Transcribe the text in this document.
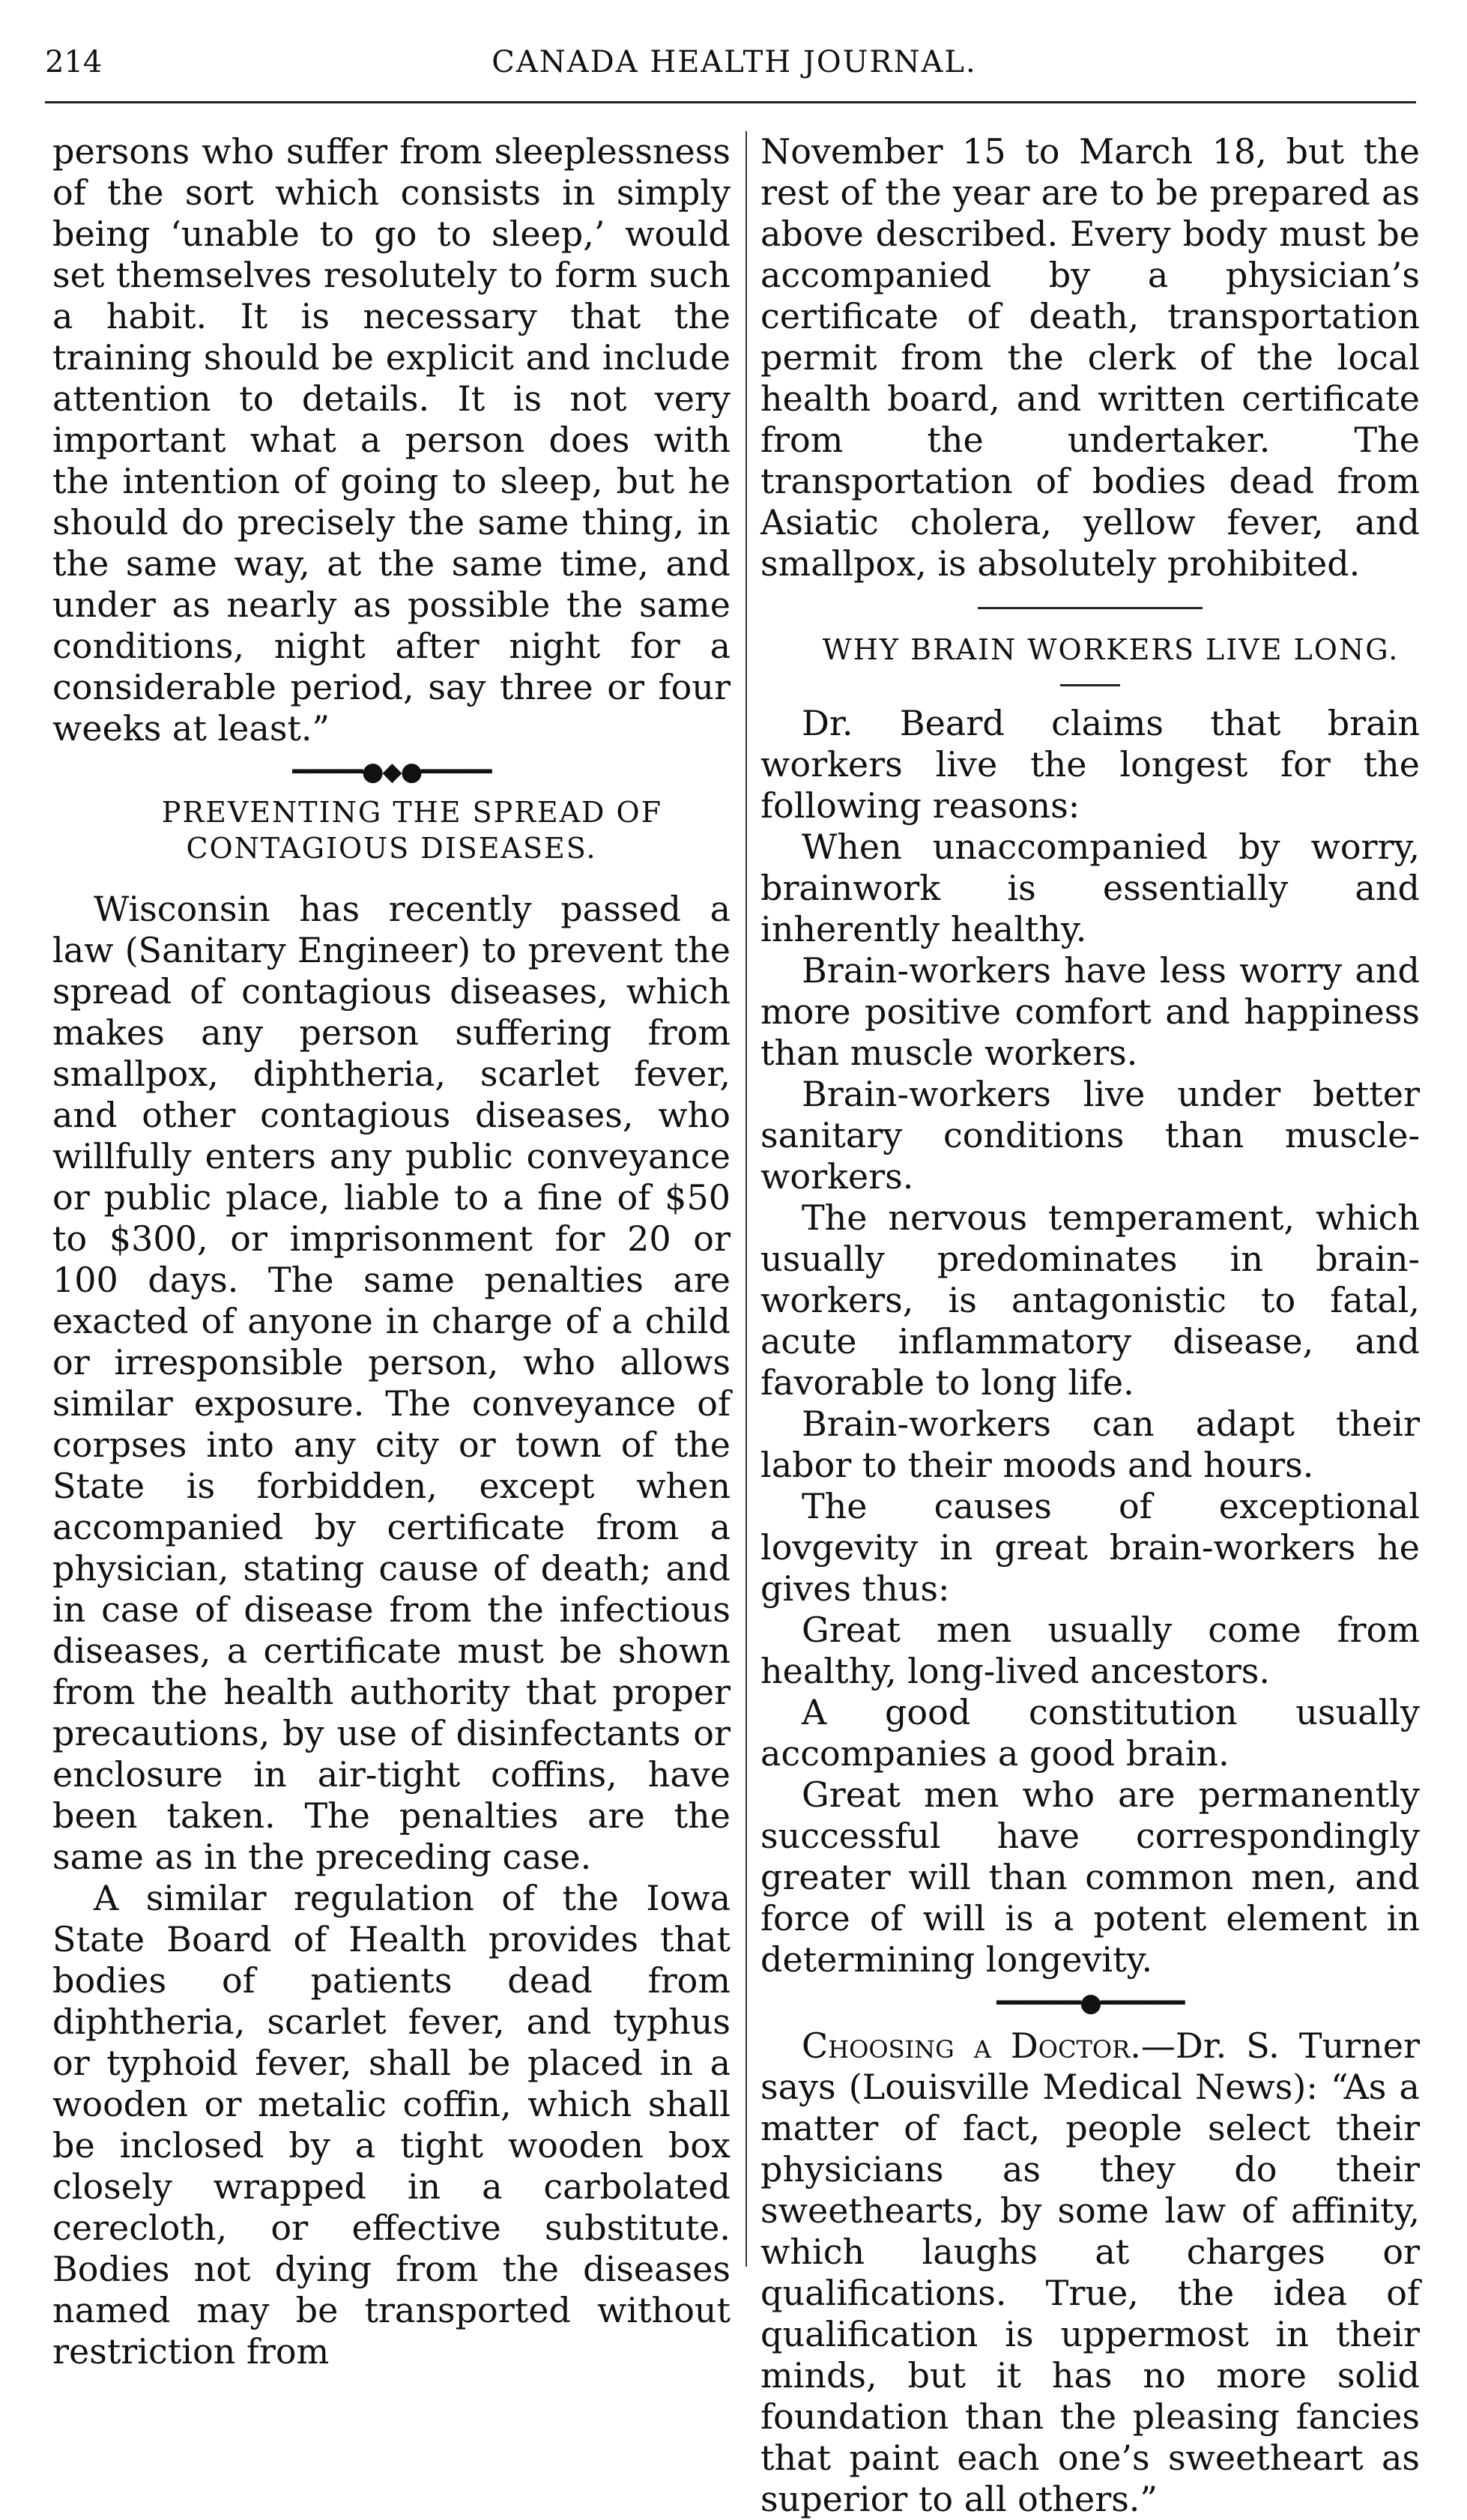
214	CANADA HEALTH JOURNAL.

persons who suffer from sleeplessness of the sort which consists in simply being ‘unable to go to sleep,’ would set themselves resolutely to form such a habit. It is necessary that the training should be explicit and include attention to details. It is not very important what a person does with the intention of going to sleep, but he should do precisely the same thing, in the same way, at the same time, and under as nearly as possible the same conditions, night after night for a considerable period, say three or four weeks at least.”

━━━━━●◆●━━━━━

PREVENTING THE SPREAD OF CONTAGIOUS DISEASES.

Wisconsin has recently passed a law (Sanitary Engineer) to prevent the spread of contagious diseases, which makes any person suffering from smallpox, diphtheria, scarlet fever, and other contagious diseases, who willfully enters any public conveyance or public place, liable to a fine of $50 to $300, or imprisonment for 20 or 100 days. The same penalties are exacted of anyone in charge of a child or irresponsible person, who allows similar exposure. The conveyance of corpses into any city or town of the State is forbidden, except when accompanied by certificate from a physician, stating cause of death; and in case of disease from the infectious diseases, a certificate must be shown from the health authority that proper precautions, by use of disinfectants or enclosure in air-tight coffins, have been taken. The penalties are the same as in the preceding case.

A similar regulation of the Iowa State Board of Health provides that bodies of patients dead from diphtheria, scarlet fever, and typhus or typhoid fever, shall be placed in a wooden or metalic coffin, which shall be inclosed by a tight wooden box closely wrapped in a carbolated cerecloth, or effective substitute. Bodies not dying from the diseases named may be transported without restriction from

November 15 to March 18, but the rest of the year are to be prepared as above described. Every body must be accompanied by a physician’s certificate of death, transportation permit from the clerk of the local health board, and written certificate from the undertaker. The transportation of bodies dead from Asiatic cholera, yellow fever, and smallpox, is absolutely prohibited.

WHY BRAIN WORKERS LIVE LONG.

Dr. Beard claims that brain workers live the longest for the following reasons:

When unaccompanied by worry, brainwork is essentially and inherently healthy.

Brain-workers have less worry and more positive comfort and happiness than muscle workers.

Brain-workers live under better sanitary conditions than muscle-workers.

The nervous temperament, which usually predominates in brain-workers, is antagonistic to fatal, acute inflammatory disease, and favorable to long life.

Brain-workers can adapt their labor to their moods and hours.

The causes of exceptional lovgevity in great brain-workers he gives thus:

Great men usually come from healthy, long-lived ancestors.

A good constitution usually accompanies a good brain.

Great men who are permanently successful have correspondingly greater will than common men, and force of will is a potent element in determining longevity.

━━━━━━●━━━━━━

Choosing a Doctor.—Dr. S. Turner says (Louisville Medical News): “As a matter of fact, people select their physicians as they do their sweethearts, by some law of affinity, which laughs at charges or qualifications. True, the idea of qualification is uppermost in their minds, but it has no more solid foundation than the pleasing fancies that paint each one’s sweetheart as superior to all others.”
